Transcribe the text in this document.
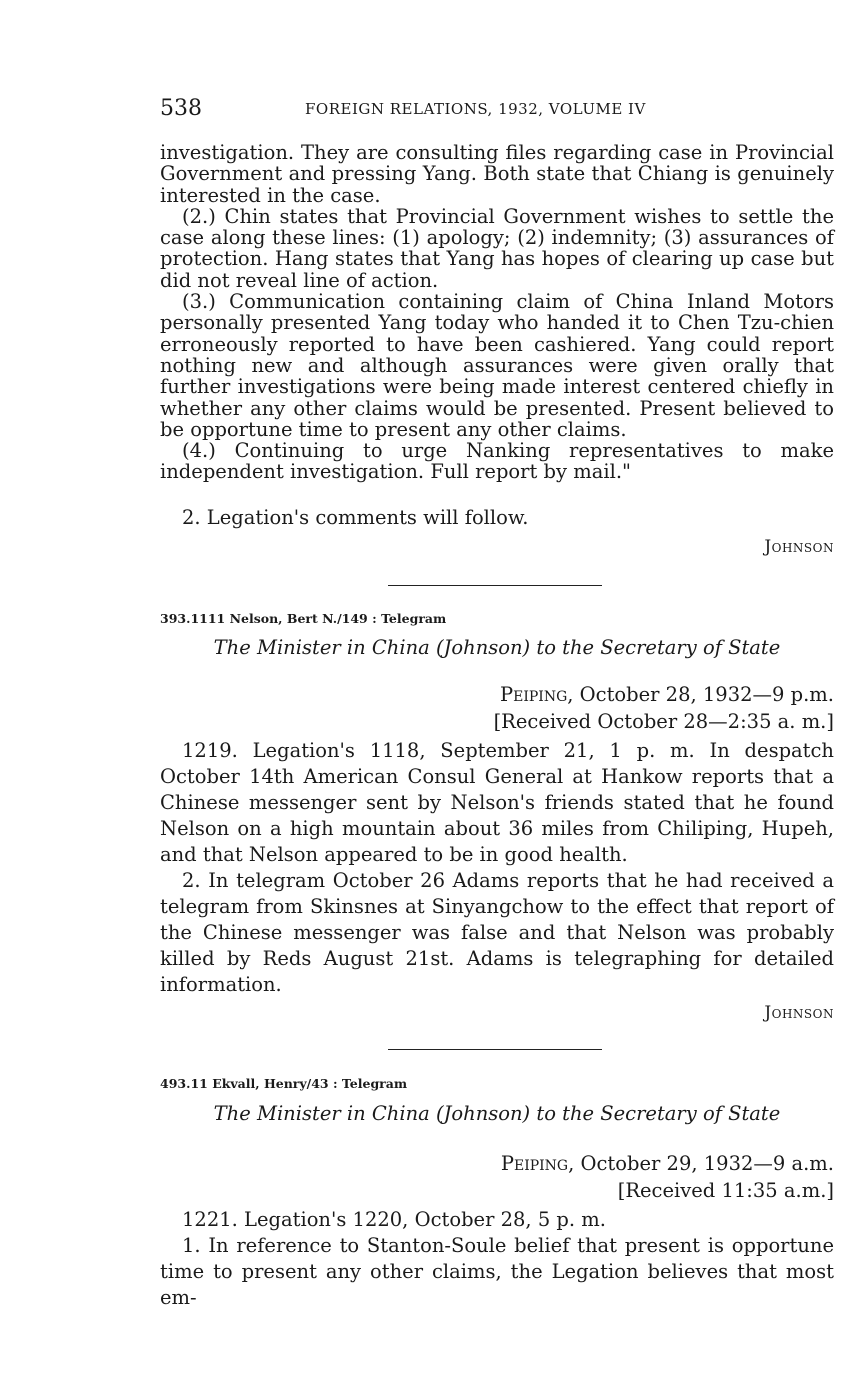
538	FOREIGN RELATIONS, 1932, VOLUME IV

investigation. They are consulting files regarding case in Provincial Government and pressing Yang. Both state that Chiang is genuinely interested in the case.

(2.) Chin states that Provincial Government wishes to settle the case along these lines: (1) apology; (2) indemnity; (3) assurances of protection. Hang states that Yang has hopes of clearing up case but did not reveal line of action.

(3.) Communication containing claim of China Inland Motors personally presented Yang today who handed it to Chen Tzu-chien erroneously reported to have been cashiered. Yang could report nothing new and although assurances were given orally that further investigations were being made interest centered chiefly in whether any other claims would be presented. Present believed to be opportune time to present any other claims.

(4.) Continuing to urge Nanking representatives to make independent investigation. Full report by mail."

2. Legation's comments will follow.

Johnson

393.1111 Nelson, Bert N./149 : Telegram

The Minister in China (Johnson) to the Secretary of State

Peiping, October 28, 1932—9 p.m.

[Received October 28—2:35 a. m.]

1219. Legation's 1118, September 21, 1 p. m. In despatch October 14th American Consul General at Hankow reports that a Chinese messenger sent by Nelson's friends stated that he found Nelson on a high mountain about 36 miles from Chiliping, Hupeh, and that Nelson appeared to be in good health.

2. In telegram October 26 Adams reports that he had received a telegram from Skinsnes at Sinyangchow to the effect that report of the Chinese messenger was false and that Nelson was probably killed by Reds August 21st. Adams is telegraphing for detailed information.

Johnson

493.11 Ekvall, Henry/43 : Telegram

The Minister in China (Johnson) to the Secretary of State

Peiping, October 29, 1932—9 a.m.

[Received 11:35 a.m.]

1221. Legation's 1220, October 28, 5 p. m.

1. In reference to Stanton-Soule belief that present is opportune time to present any other claims, the Legation believes that most em-
